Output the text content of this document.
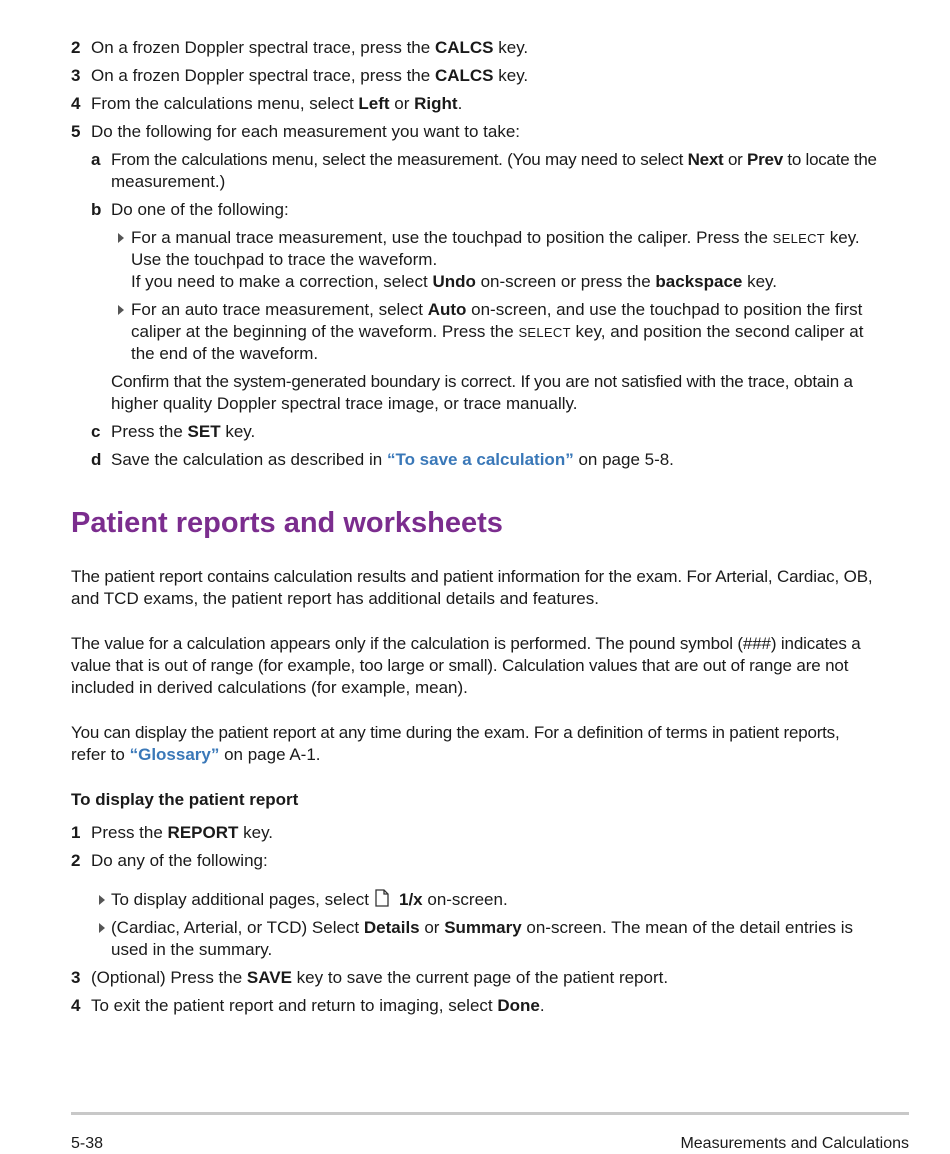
2 On a frozen Doppler spectral trace, press the CALCS key.
3 On a frozen Doppler spectral trace, press the CALCS key.
4 From the calculations menu, select Left or Right.
5 Do the following for each measurement you want to take:
a From the calculations menu, select the measurement. (You may need to select Next or Prev to locate the
measurement.)
b Do one of the following:
For a manual trace measurement, use the touchpad to position the caliper. Press the SELECT key.
Use the touchpad to trace the waveform.
If you need to make a correction, select Undo on-screen or press the backspace key.
For an auto trace measurement, select Auto on-screen, and use the touchpad to position the first
caliper at the beginning of the waveform. Press the SELECT key, and position the second caliper at
the end of the waveform.
Confirm that the system-generated boundary is correct. If you are not satisfied with the trace, obtain a
higher quality Doppler spectral trace image, or trace manually.
c Press the SET key.
d Save the calculation as described in “To save a calculation” on page 5-8.
Patient reports and worksheets
The patient report contains calculation results and patient information for the exam. For Arterial, Cardiac, OB,
and TCD exams, the patient report has additional details and features.
The value for a calculation appears only if the calculation is performed. The pound symbol (###) indicates a
value that is out of range (for example, too large or small). Calculation values that are out of range are not
included in derived calculations (for example, mean).
You can display the patient report at any time during the exam. For a definition of terms in patient reports,
refer to “Glossary” on page A-1.
To display the patient report
1 Press the REPORT key.
2 Do any of the following:
To display additional pages, select 1/x on-screen.
(Cardiac, Arterial, or TCD) Select Details or Summary on-screen. The mean of the detail entries is
used in the summary.
3 (Optional) Press the SAVE key to save the current page of the patient report.
4 To exit the patient report and return to imaging, select Done.
5-38	Measurements and Calculations
